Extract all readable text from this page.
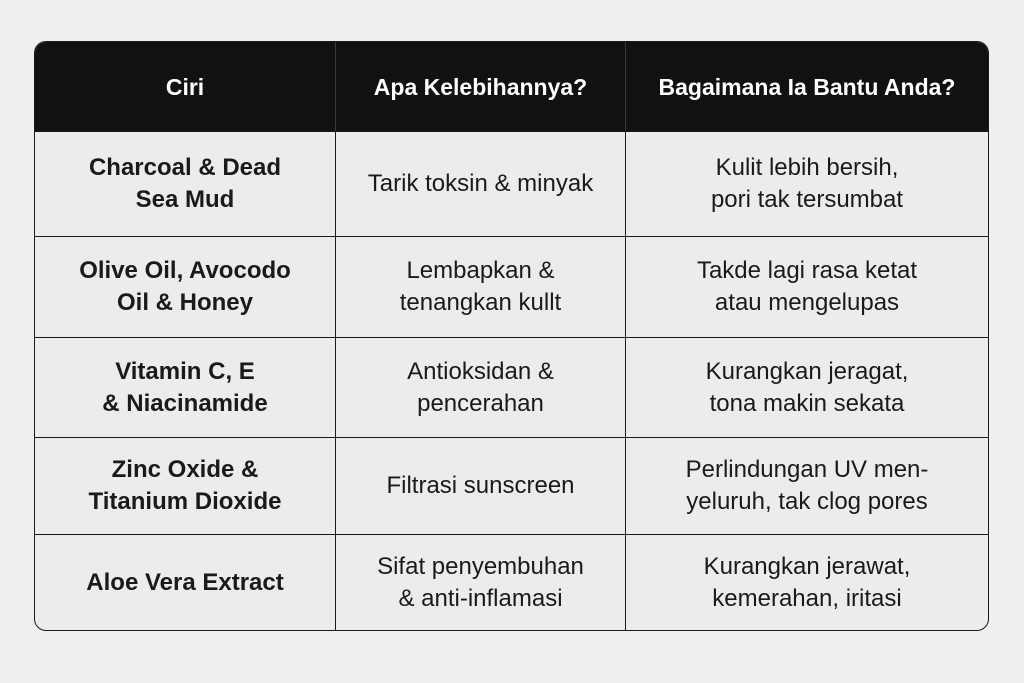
Ciri	Apa Kelebihannya?	Bagaimana Ia Bantu Anda?
Charcoal & Dead
Sea Mud
Tarik toksin & minyak
Kulit lebih bersih,
pori tak tersumbat
Olive Oil, Avocodo
Oil & Honey
Lembapkan &
tenangkan kullt
Takde lagi rasa ketat
atau mengelupas
Vitamin C, E
& Niacinamide
Antioksidan &
pencerahan
Kurangkan jeragat,
tona makin sekata
Zinc Oxide &
Titanium Dioxide
Filtrasi sunscreen
Perlindungan UV men-
yeluruh, tak clog pores
Aloe Vera Extract
Sifat penyembuhan
& anti-inflamasi
Kurangkan jerawat,
kemerahan, iritasi
